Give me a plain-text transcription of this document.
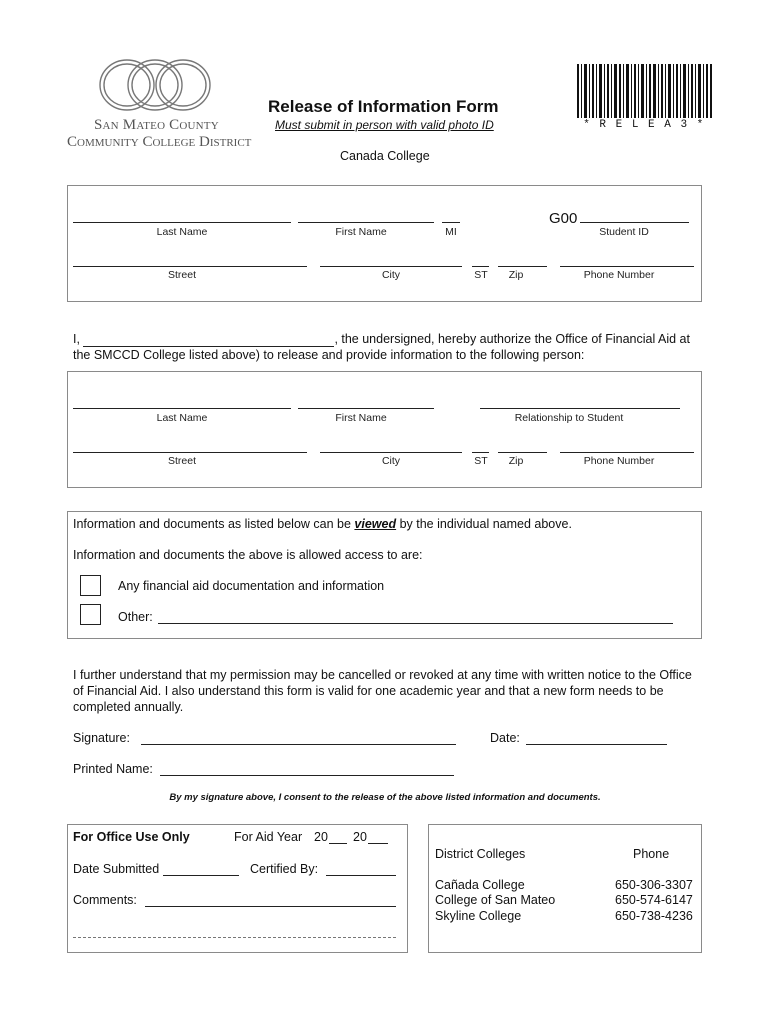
San Mateo County
Community College District
Release of Information Form
Must submit in person with valid photo ID
Canada College
* R E L E A 3 *
G00
Last Name	First Name	MI	Student ID
Street	City	ST	Zip	Phone Number
I,	, the undersigned, hereby authorize the Office of Financial Aid at
the SMCCD College listed above) to release and provide information to the following person:
Last Name	First Name	Relationship to Student
Street	City	ST	Zip	Phone Number
Information and documents as listed below can be viewed by the individual named above.
Information and documents the above is allowed access to are:
Any financial aid documentation and information
Other:
I further understand that my permission may be cancelled or revoked at any time with written notice to the Office of Financial Aid. I also understand this form is valid for one academic year and that a new form needs to be completed annually.
Signature:	Date:
Printed Name:
By my signature above, I consent to the release of the above listed information and documents.
For Office Use Only	For Aid Year 20 20
Date Submitted	Certified By:
Comments:
District Colleges	Phone
Cañada College	650-306-3307
College of San Mateo	650-574-6147
Skyline College	650-738-4236
